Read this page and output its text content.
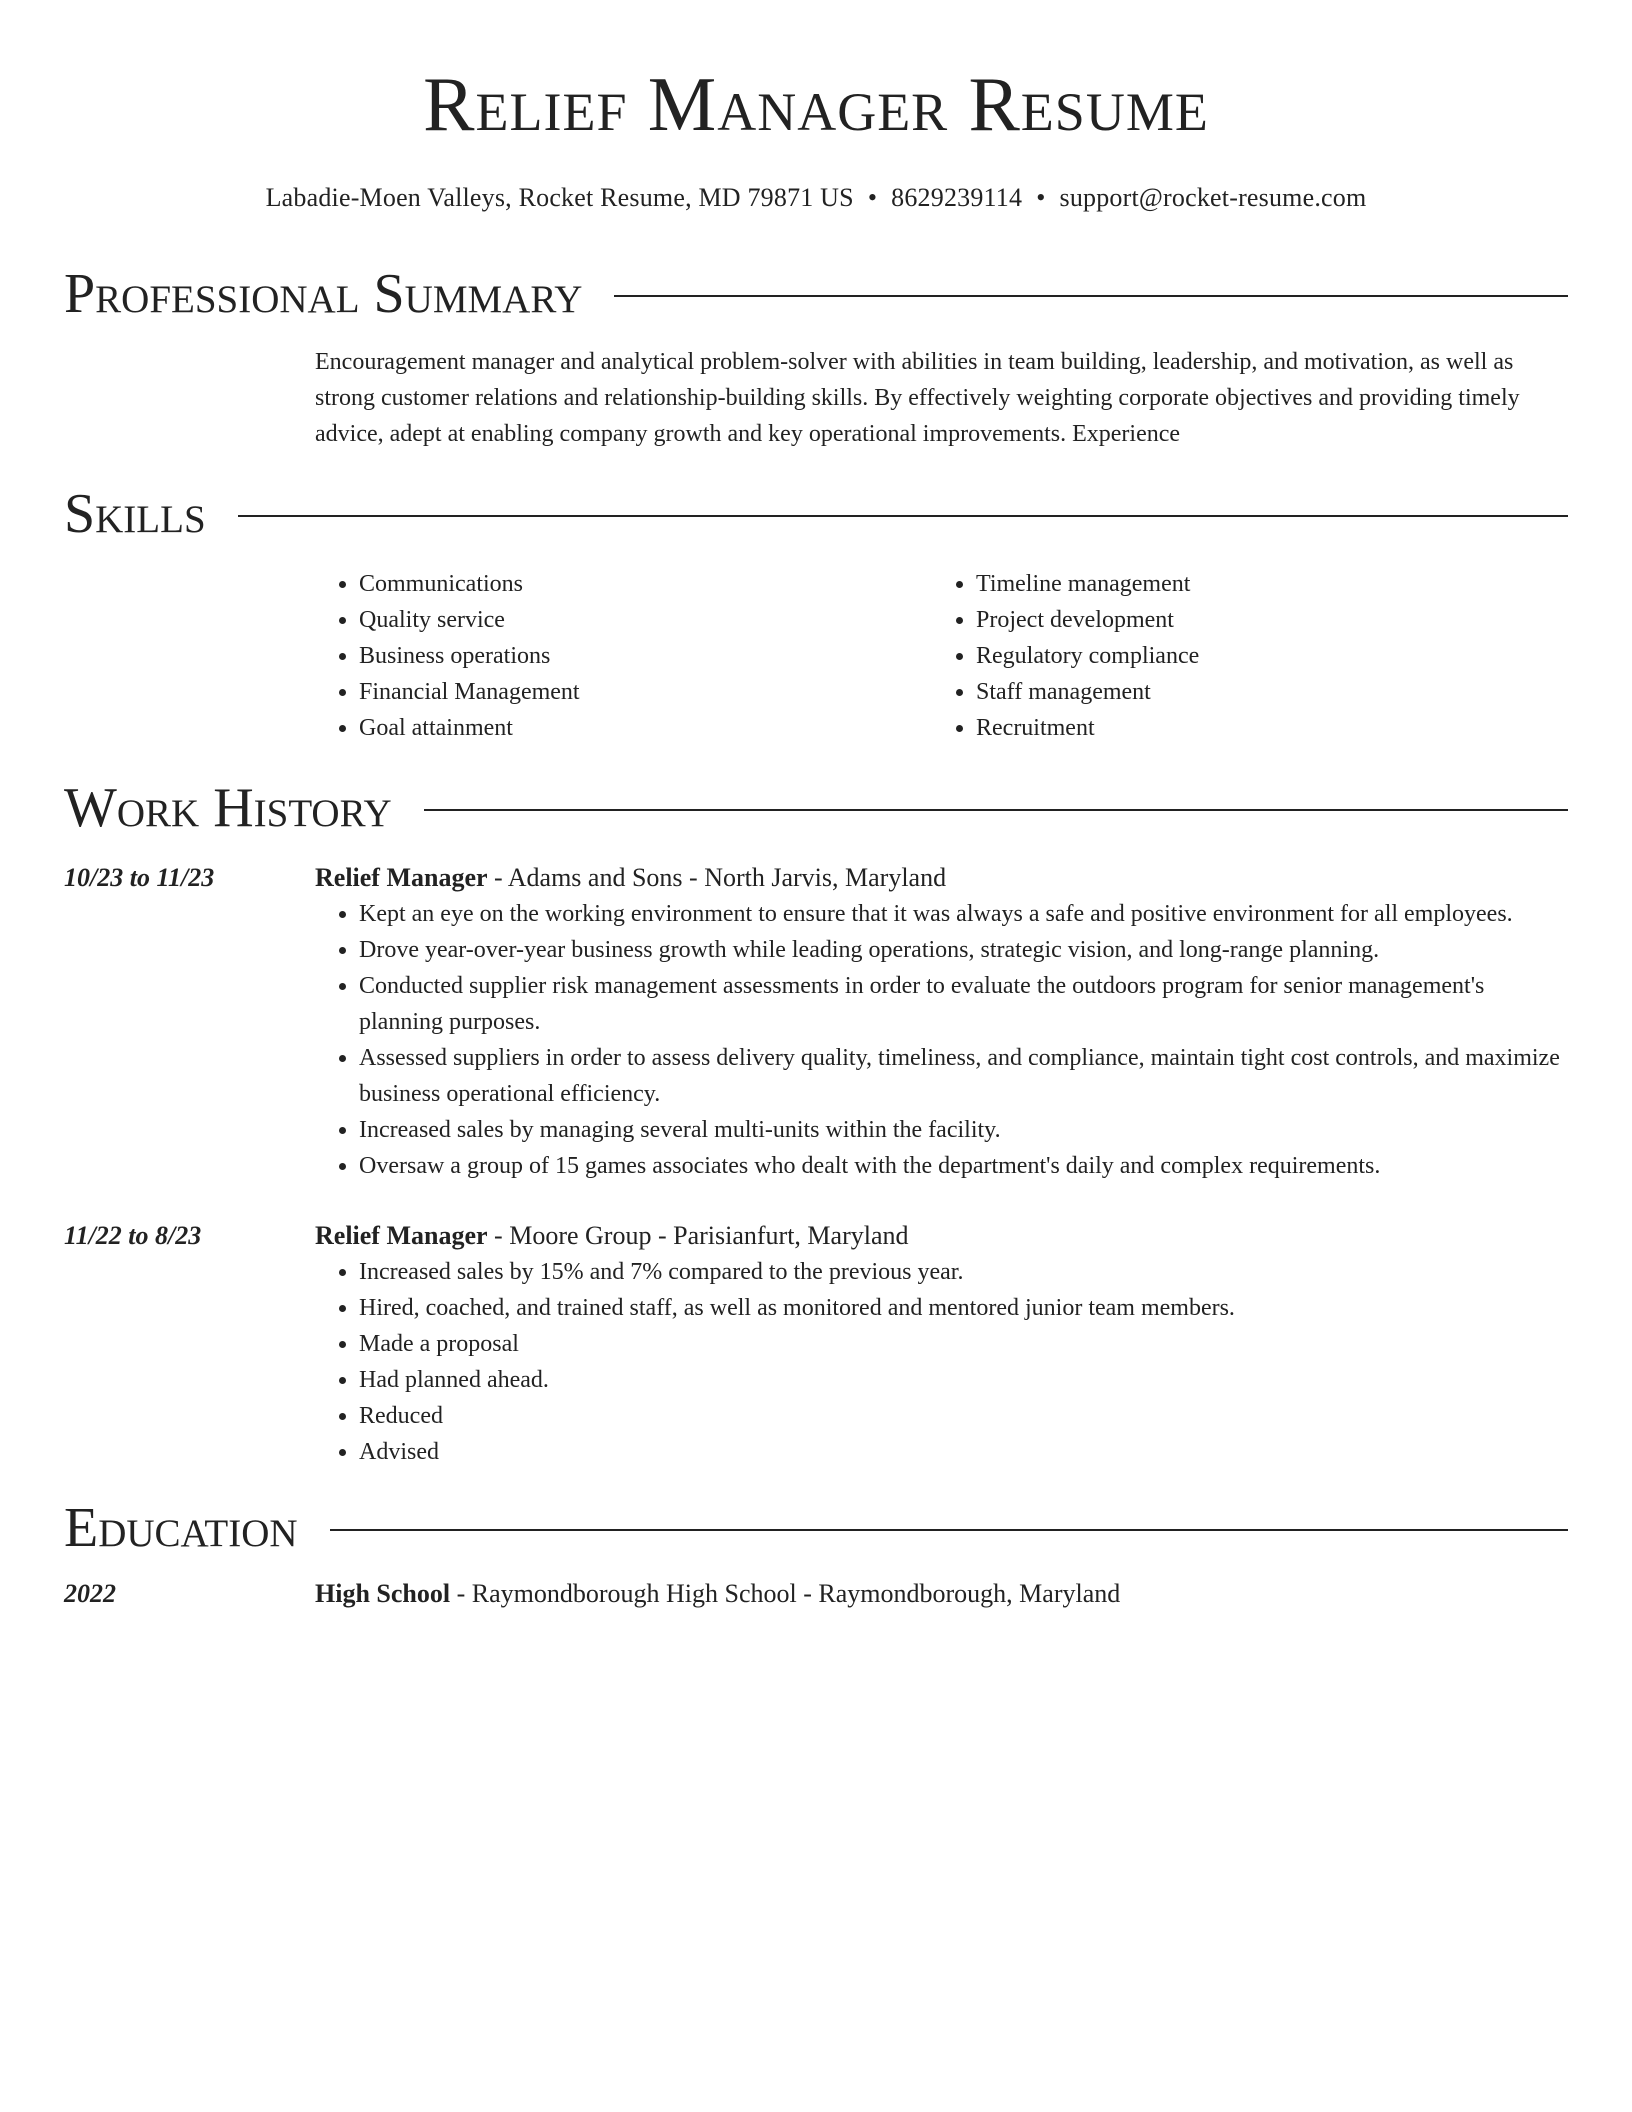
Relief Manager Resume
Labadie-Moen Valleys, Rocket Resume, MD 79871 US • 8629239114 • support@rocket-resume.com
Professional Summary
Encouragement manager and analytical problem-solver with abilities in team building, leadership, and motivation, as well as strong customer relations and relationship-building skills. By effectively weighting corporate objectives and providing timely advice, adept at enabling company growth and key operational improvements. Experience
Skills
• Communications
• Quality service
• Business operations
• Financial Management
• Goal attainment
• Timeline management
• Project development
• Regulatory compliance
• Staff management
• Recruitment
Work History
10/23 to 11/23	Relief Manager - Adams and Sons - North Jarvis, Maryland
• Kept an eye on the working environment to ensure that it was always a safe and positive environment for all employees.
• Drove year-over-year business growth while leading operations, strategic vision, and long-range planning.
• Conducted supplier risk management assessments in order to evaluate the outdoors program for senior management's planning purposes.
• Assessed suppliers in order to assess delivery quality, timeliness, and compliance, maintain tight cost controls, and maximize business operational efficiency.
• Increased sales by managing several multi-units within the facility.
• Oversaw a group of 15 games associates who dealt with the department's daily and complex requirements.
11/22 to 8/23	Relief Manager - Moore Group - Parisianfurt, Maryland
• Increased sales by 15% and 7% compared to the previous year.
• Hired, coached, and trained staff, as well as monitored and mentored junior team members.
• Made a proposal
• Had planned ahead.
• Reduced
• Advised
Education
2022	High School - Raymondborough High School - Raymondborough, Maryland
